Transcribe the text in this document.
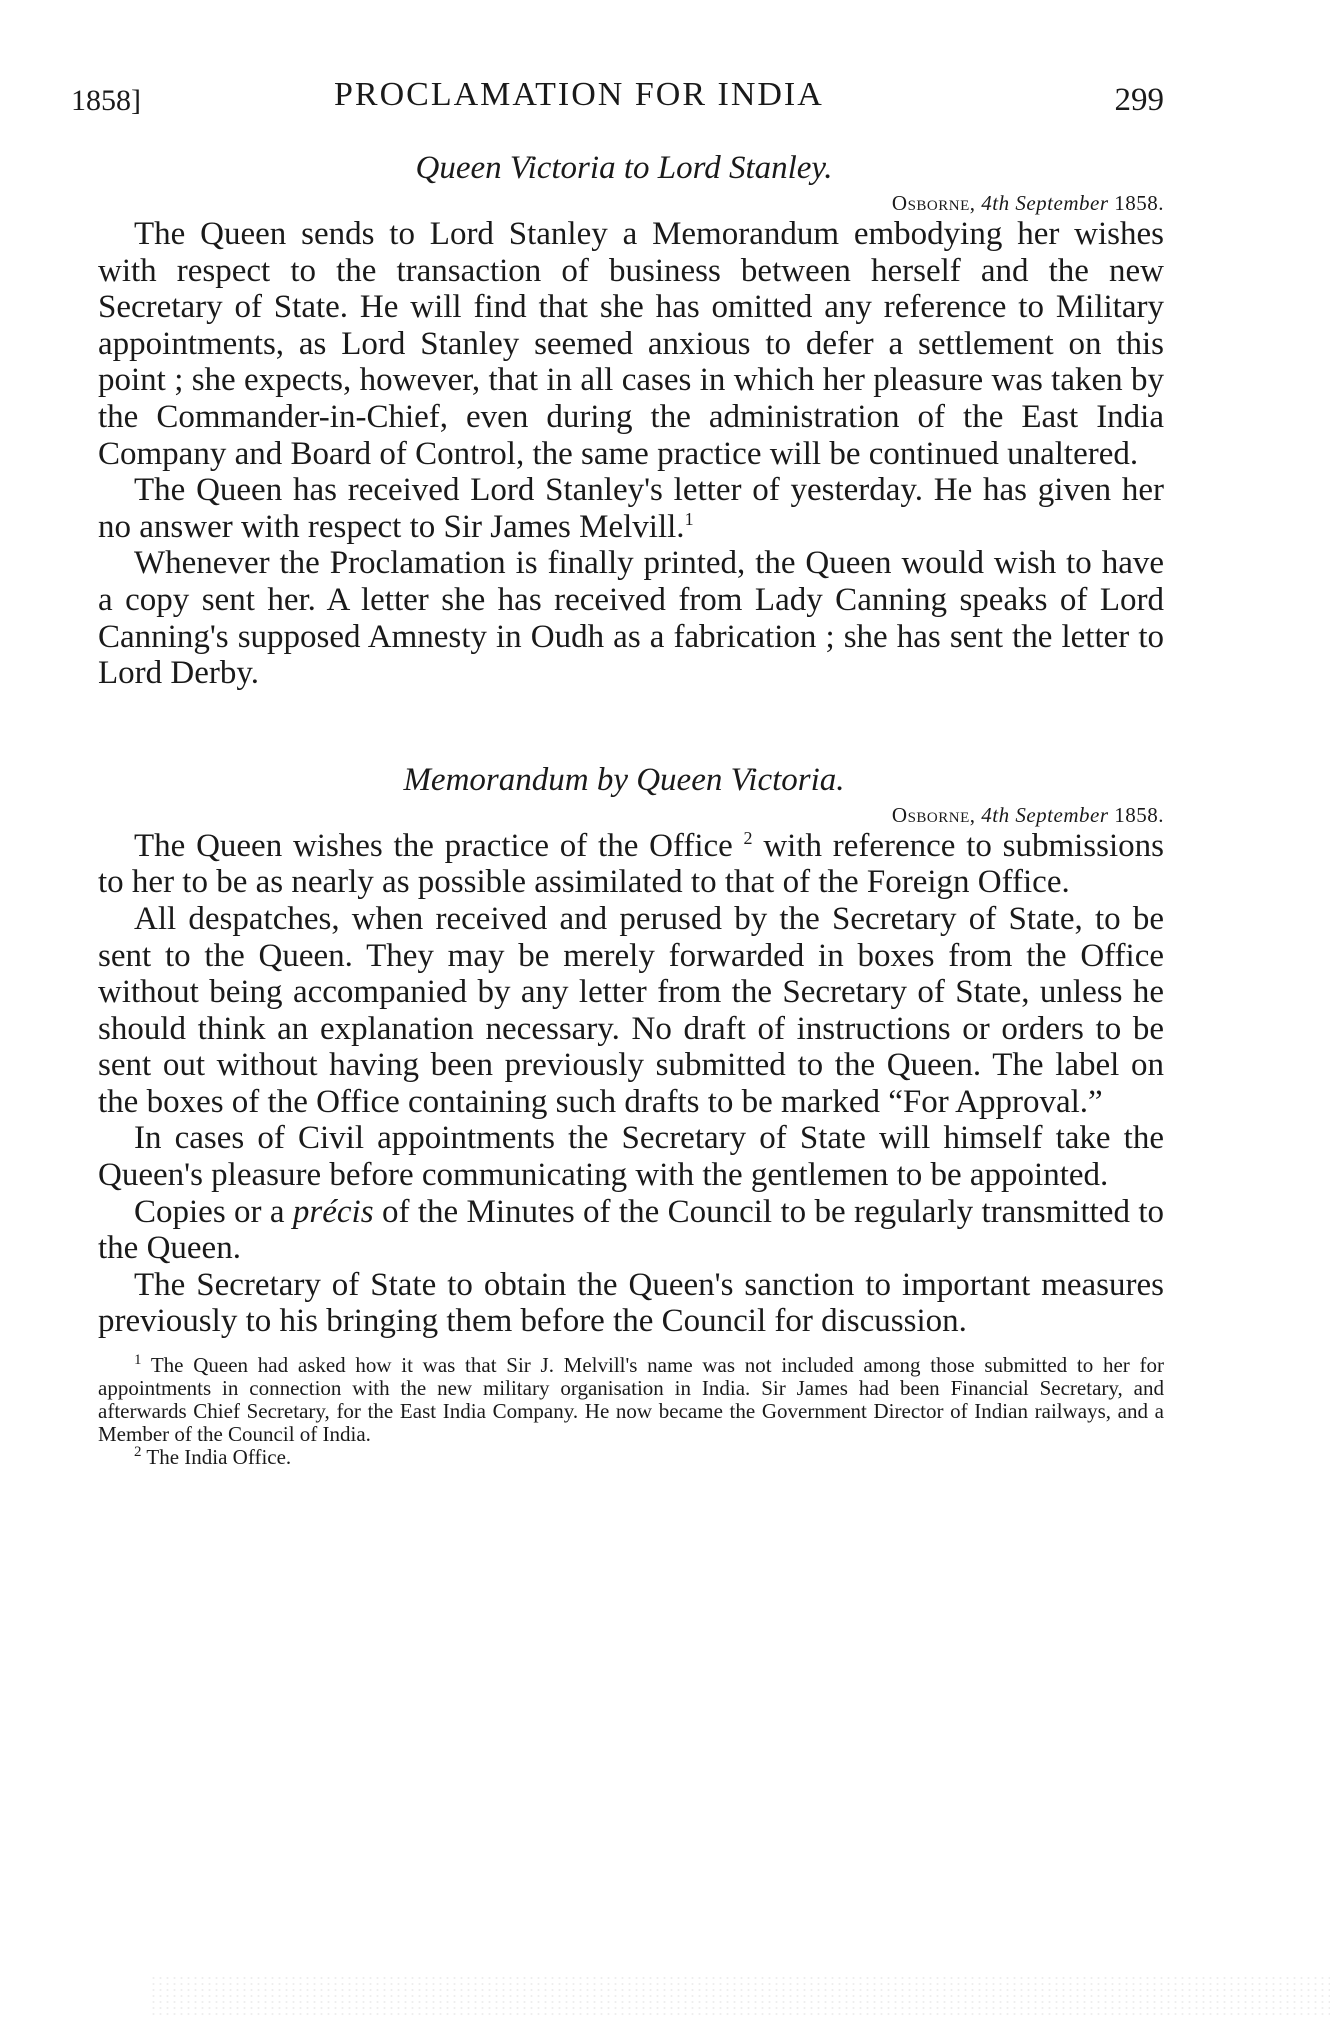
1858]	PROCLAMATION FOR INDIA	299
Queen Victoria to Lord Stanley.
Osborne, 4th September 1858.

The Queen sends to Lord Stanley a Memorandum embodying her wishes with respect to the transaction of business between herself and the new Secretary of State. He will find that she has omitted any reference to Military appointments, as Lord Stanley seemed anxious to defer a settlement on this point ; she expects, however, that in all cases in which her pleasure was taken by the Commander-in-Chief, even during the administration of the East India Company and Board of Control, the same practice will be continued unaltered.

The Queen has received Lord Stanley's letter of yesterday. He has given her no answer with respect to Sir James Melvill.$^1$

Whenever the Proclamation is finally printed, the Queen would wish to have a copy sent her. A letter she has received from Lady Canning speaks of Lord Canning's supposed Amnesty in Oudh as a fabrication ; she has sent the letter to Lord Derby.

Memorandum by Queen Victoria.
Osborne, 4th September 1858.

The Queen wishes the practice of the Office $^2$ with reference to submissions to her to be as nearly as possible assimilated to that of the Foreign Office.

All despatches, when received and perused by the Secretary of State, to be sent to the Queen. They may be merely forwarded in boxes from the Office without being accompanied by any letter from the Secretary of State, unless he should think an explanation necessary. No draft of instructions or orders to be sent out without having been previously submitted to the Queen. The label on the boxes of the Office containing such drafts to be marked “For Approval.”

In cases of Civil appointments the Secretary of State will himself take the Queen's pleasure before communicating with the gentlemen to be appointed.

Copies or a précis of the Minutes of the Council to be regularly transmitted to the Queen.

The Secretary of State to obtain the Queen's sanction to important measures previously to his bringing them before the Council for discussion.

$^1$ The Queen had asked how it was that Sir J. Melvill's name was not included among those submitted to her for appointments in connection with the new military organisation in India. Sir James had been Financial Secretary, and afterwards Chief Secretary, for the East India Company. He now became the Government Director of Indian railways, and a Member of the Council of India.
$^2$ The India Office.
